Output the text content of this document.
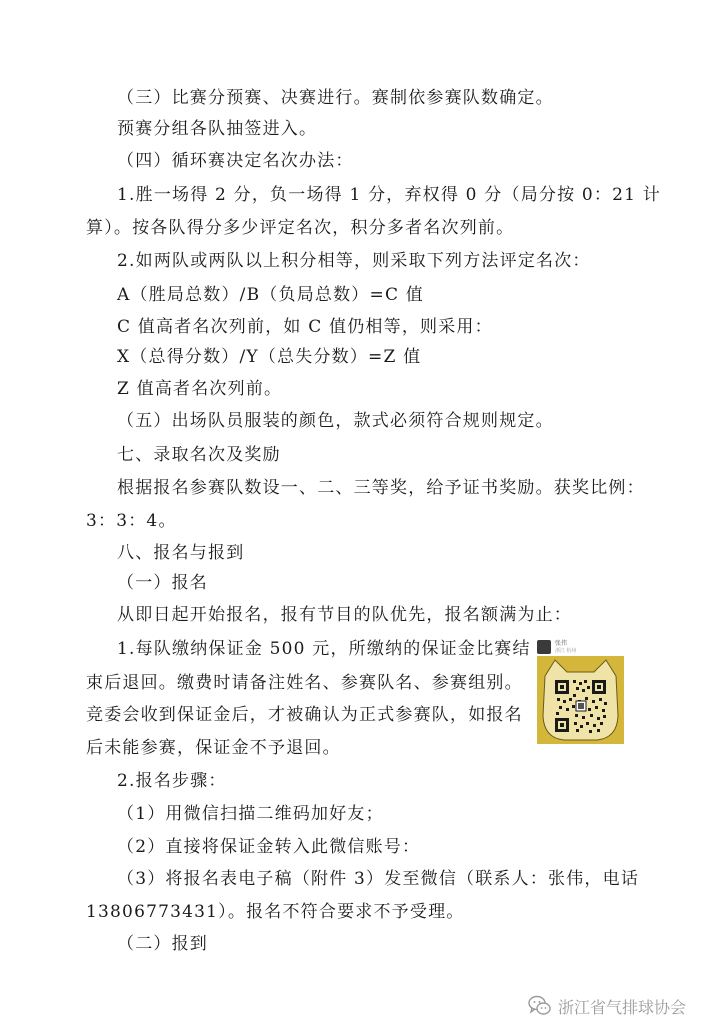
（三）比赛分预赛、决赛进行。赛制依参赛队数确定。
预赛分组各队抽签进入。
（四）循环赛决定名次办法：
1.胜一场得 2 分，负一场得 1 分，弃权得 0 分（局分按 0：21 计
算）。按各队得分多少评定名次，积分多者名次列前。
2.如两队或两队以上积分相等，则采取下列方法评定名次：
A（胜局总数）/B（负局总数）=C 值
C 值高者名次列前，如 C 值仍相等，则采用：
X（总得分数）/Y（总失分数）=Z 值
Z 值高者名次列前。
（五）出场队员服装的颜色，款式必须符合规则规定。
七、录取名次及奖励
根据报名参赛队数设一、二、三等奖，给予证书奖励。获奖比例：
3：3：4。
八、报名与报到
（一）报名
从即日起开始报名，报有节目的队优先，报名额满为止：
1.每队缴纳保证金 500 元，所缴纳的保证金比赛结
束后退回。缴费时请备注姓名、参赛队名、参赛组别。
竞委会收到保证金后，才被确认为正式参赛队，如报名
后未能参赛，保证金不予退回。
2.报名步骤：
（1）用微信扫描二维码加好友；
（2）直接将保证金转入此微信账号：
（3）将报名表电子稿（附件 3）发至微信（联系人：张伟，电话
13806773431）。报名不符合要求不予受理。
（二）报到
张伟
浙江 杭州
浙江省气排球协会
